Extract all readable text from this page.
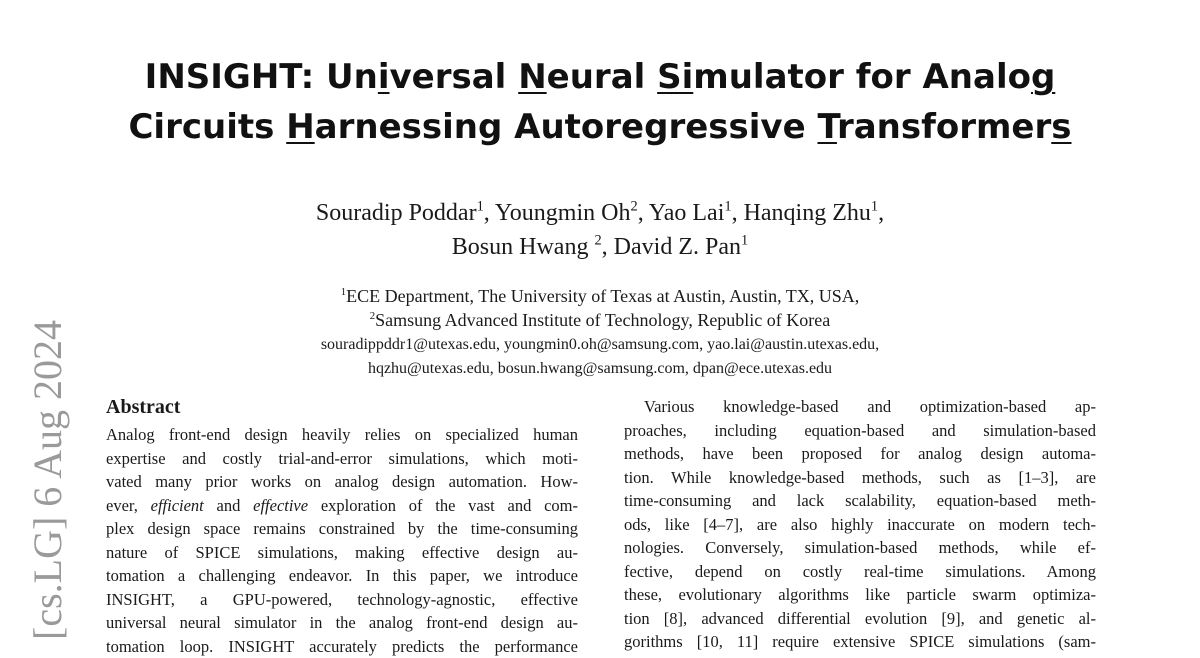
INSIGHT: Universal Neural Simulator for Analog
Circuits Harnessing Autoregressive Transformers
Souradip Poddar$^1$, Youngmin Oh$^2$, Yao Lai$^1$, Hanqing Zhu$^1$,
Bosun Hwang $^2$, David Z. Pan$^1$
$^1$ECE Department, The University of Texas at Austin, Austin, TX, USA,
$^2$Samsung Advanced Institute of Technology, Republic of Korea
souradippddr1@utexas.edu, youngmin0.oh@samsung.com, yao.lai@austin.utexas.edu,
hqzhu@utexas.edu, bosun.hwang@samsung.com, dpan@ece.utexas.edu
[cs.LG] 6 Aug 2024 Abstract
Analog front-end design heavily relies on specialized human
expertise and costly trial-and-error simulations, which moti-
vated many prior works on analog design automation. How-
ever, efficient and effective exploration of the vast and com-
plex design space remains constrained by the time-consuming
nature of SPICE simulations, making effective design au-
tomation a challenging endeavor. In this paper, we introduce
INSIGHT, a GPU-powered, technology-agnostic, effective
universal neural simulator in the analog front-end design au-
tomation loop. INSIGHT accurately predicts the performance
Various knowledge-based and optimization-based ap-
proaches, including equation-based and simulation-based
methods, have been proposed for analog design automa-
tion. While knowledge-based methods, such as [1–3], are
time-consuming and lack scalability, equation-based meth-
ods, like [4–7], are also highly inaccurate on modern tech-
nologies. Conversely, simulation-based methods, while ef-
fective, depend on costly real-time simulations. Among
these, evolutionary algorithms like particle swarm optimiza-
tion [8], advanced differential evolution [9], and genetic al-
gorithms [10, 11] require extensive SPICE simulations (sam-
